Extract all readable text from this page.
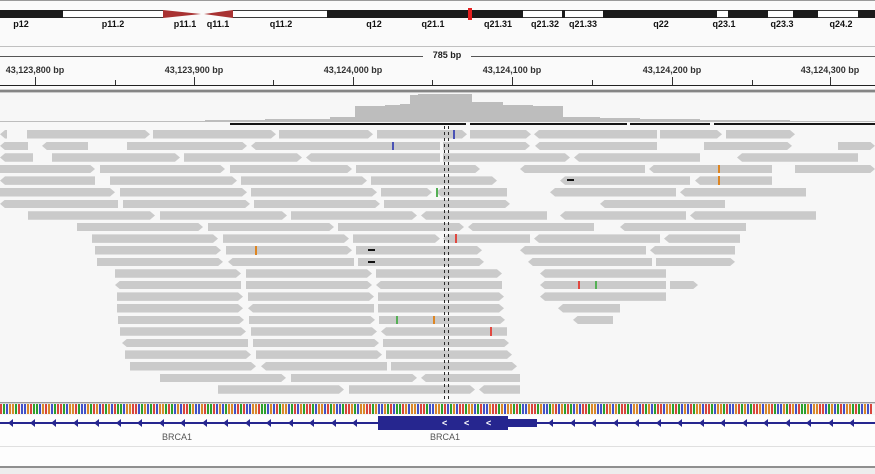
p12	p11.2	p11.1 q11.1	q11.2	q12	q21.1	q21.31 q21.32 q21.33	q22	q23.1	q23.3	q24.2
785 bp
43,123,800 bp	43,123,900 bp	43,124,000 bp	43,124,100 bp	43,124,200 bp	43,124,300 bp
< < <
BRCA1	BRCA1
